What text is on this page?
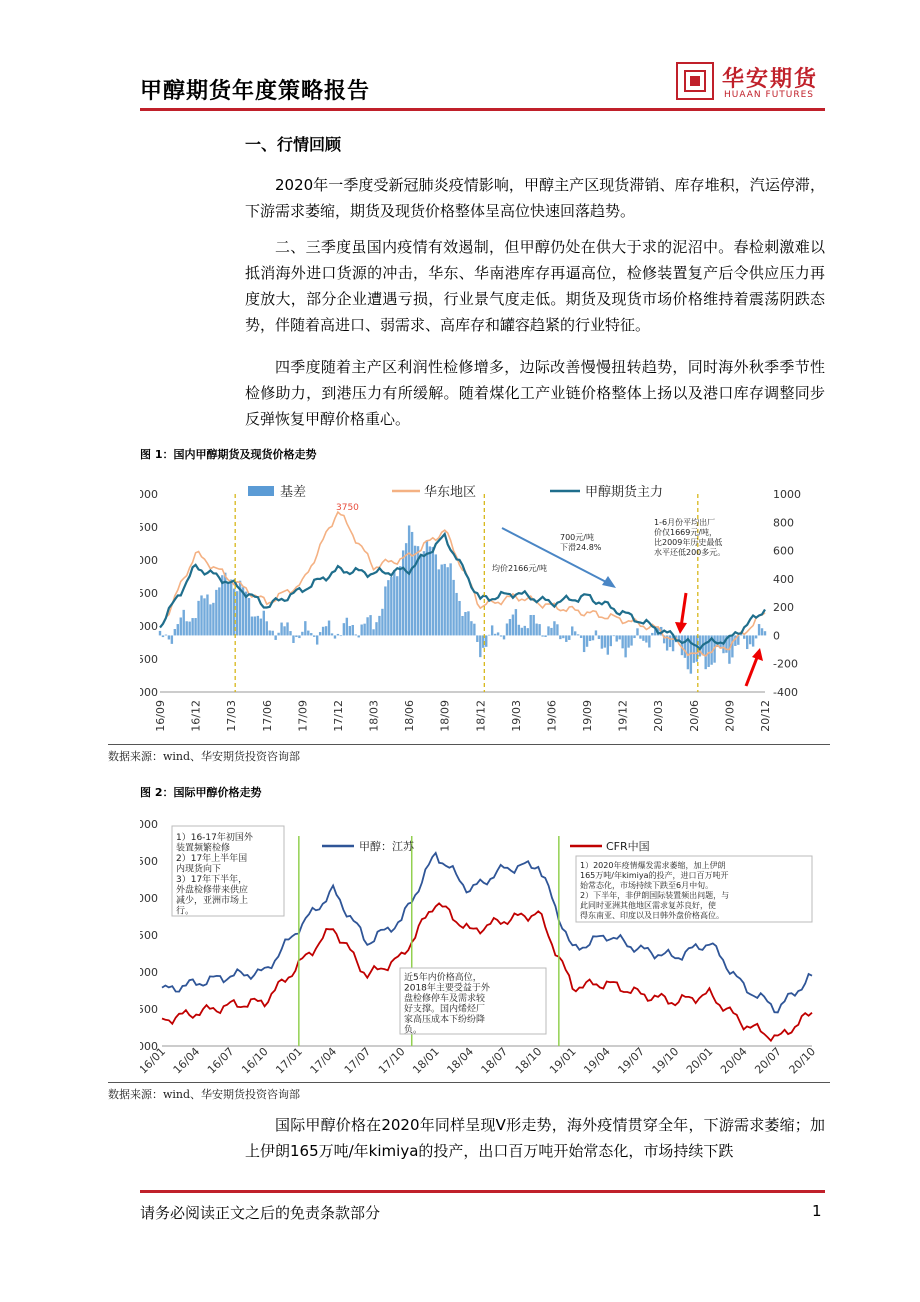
甲醇期货年度策略报告	华安期货
HUAAN FUTURES
一、行情回顾
2020年一季度受新冠肺炎疫情影响，甲醇主产区现货滞销、库存堆积，汽运停滞，下游需求萎缩，期货及现货价格整体呈高位快速回落趋势。
二、三季度虽国内疫情有效遏制，但甲醇仍处在供大于求的泥沼中。春检刺激难以抵消海外进口货源的冲击，华东、华南港库存再逼高位，检修装置复产后令供应压力再度放大，部分企业遭遇亏损，行业景气度走低。期货及现货市场价格维持着震荡阴跌态势，伴随着高进口、弱需求、高库存和罐容趋紧的行业特征。
四季度随着主产区利润性检修增多，边际改善慢慢扭转趋势，同时海外秋季季节性检修助力，到港压力有所缓解。随着煤化工产业链价格整体上扬以及港口库存调整同步反弹恢复甲醇价格重心。
图 1：国内甲醇期货及现货价格走势
000
500
000
500
000
500
000
1000
800
600
400
200
0
-200
-400
16/09 16/12 17/03 17/06 17/09 17/12 18/03 18/06 18/09 18/12 19/03 19/06 19/09 19/12 20/03 20/06 20/09 20/12
基差	华东地区	甲醇期货主力
3750
700元/吨下滑24.8%
均价2166元/吨
1-6月份平均出厂价仅1669元/吨，比2009年历史最低水平还低200多元。
数据来源：wind、华安期货投资咨询部
图 2：国际甲醇价格走势
000
500
000
500
000
500
000
16/01 16/04 16/07 16/10 17/01 17/04 17/07 17/10 18/01 18/04 18/07 18/10 19/01 19/04 19/07 19/10 20/01 20/04 20/07 20/10
甲醇：江苏	CFR中国
1）16-17年初国外装置频繁检修 2）17年上半年国内现货向下 3）17年下半年，外盘检修带来供应减少，亚洲市场上行。
近5年内价格高位， 2018年主要受益于外盘检修停车及需求较好支撑。国内烯烃厂家高压成本下纷纷降负。
1）2020年疫情爆发需求萎缩，加上伊朗 165万吨/年kimiya的投产，进口百万吨开始常态化，市场持续下跌至6月中旬。 2）下半年，非伊朗国际装置频出问题，与此同时亚洲其他地区需求复苏良好，使得东南亚、印度以及日韩外盘价格高位。
数据来源：wind、华安期货投资咨询部
国际甲醇价格在2020年同样呈现V形走势，海外疫情贯穿全年，下游需求萎缩；加上伊朗165万吨/年kimiya的投产，出口百万吨开始常态化，市场持续下跌
请务必阅读正文之后的免责条款部分	1
